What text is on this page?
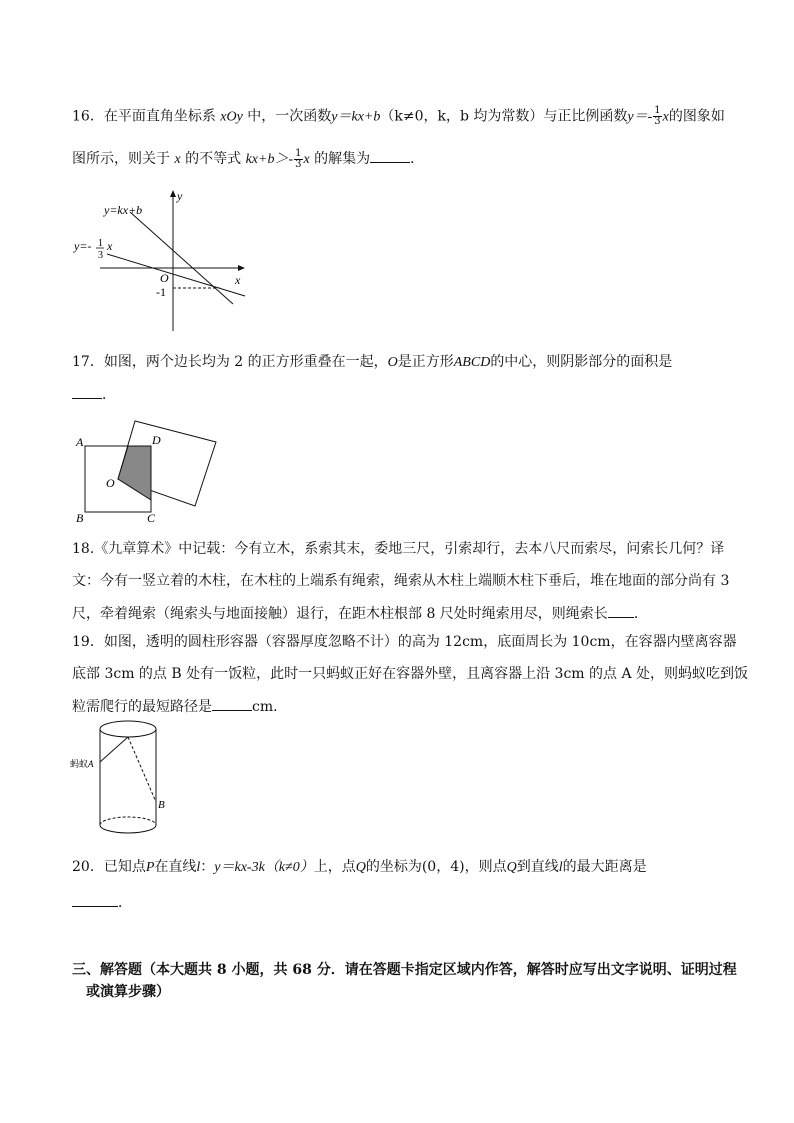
16．在平面直角坐标系 xOy 中，一次函数y＝kx+b（k≠0，k，b 均为常数）与正比例函数$y=- \frac{1}{3}$ x的图象如
图所示，则关于 x 的不等式 $kx+b>- \frac{1}{3}$ x 的解集为	．
y=kx+b
y=- 1
3
x
y
x
O
-1
17．如图，两个边长均为 2 的正方形重叠在一起，O是正方形ABCD的中心，则阴影部分的面积是
．
A
B	C
D
O
18.《九章算术》中记载：今有立木，系索其末，委地三尺，引索却行，去本八尺而索尽，问索长几何？译
文：今有一竖立着的木柱，在木柱的上端系有绳索，绳索从木柱上端顺木柱下垂后，堆在地面的部分尚有 3
尺，牵着绳索（绳索头与地面接触）退行，在距木柱根部 8 尺处时绳索用尽，则绳索长 ．
19．如图，透明的圆柱形容器（容器厚度忽略不计）的高为 12cm，底面周长为 10cm，在容器内壁离容器
底部 3cm 的点 B 处有一饭粒，此时一只蚂蚁正好在容器外壁，且离容器上沿 3cm 的点 A 处，则蚂蚁吃到饭
粒需爬行的最短路径是	cm．
蚂蚁A
B
20．已知点P在直线l：y＝kx-3k（k≠0）上，点Q的坐标为(0，4)，则点Q到直线l的最大距离是
．
三、解答题（本大题共 8 小题，共 68 分．请在答题卡指定区域内作答，解答时应写出文字说明、证明过程
或演算步骤）
